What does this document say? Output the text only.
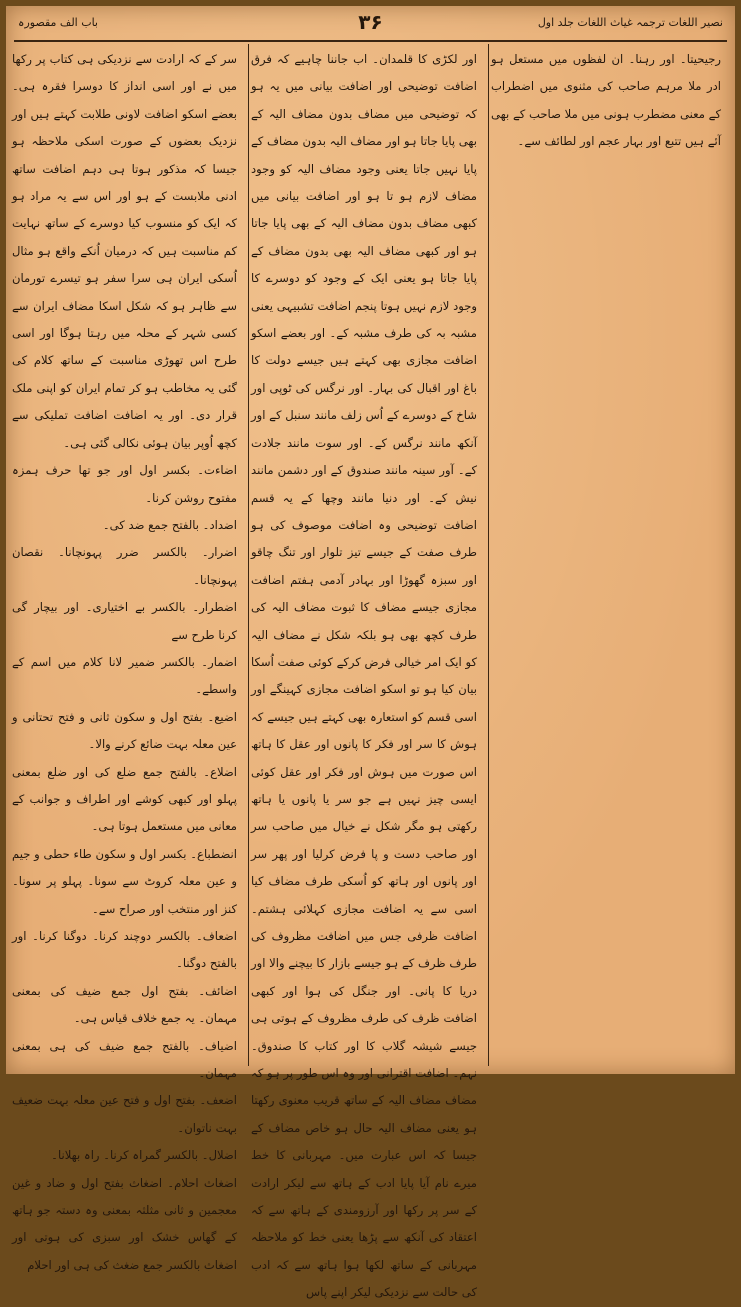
نصیر اللغات ترجمہ غیاث اللغات جلد اول
۳۶
باب الف مقصورہ

رجیحیتا۔ اور رہنا۔ ان لفظوں میں مستعل ہو ادر ملا مرہم صاحب کی مثنوی میں اضطراب کے معنی مضطرب ہونی میں ملا صاحب کے بھی آئے ہیں تتبع اور بہار عجم اور لطائف سے۔

اور لکڑی کا قلمدان۔ اب جاننا چاہیے کہ فرق اضافت توضیحی اور اضافت بیانی میں یہ ہو کہ توضیحی میں مضاف بدون مضاف الیہ کے بھی پایا جاتا ہو اور مضاف الیہ بدون مضاف کے پایا نہیں جاتا یعنی وجود مضاف الیہ کو وجود مضاف لازم ہو تا ہو اور اضافت بیانی میں کبھی مضاف بدون مضاف الیہ کے بھی پایا جاتا ہو اور کبھی مضاف الیہ بھی بدون مضاف کے پایا جاتا ہو یعنی ایک کے وجود کو دوسرے کا وجود لازم نہیں ہوتا پنجم اضافت تشبیہی یعنی مشبہ بہ کی طرف مشبہ کے۔ اور بعضے اسکو اضافت مجازی بھی کہتے ہیں جیسے دولت کا باغ اور اقبال کی بہار۔ اور نرگس کی ٹوپی اور شاخ کے دوسرے کے اُس زلف مانند سنبل کے اور آنکھ مانند نرگس کے۔ اور سوت مانند جلادت کے۔ آور سینہ مانند صندوق کے اور دشمن مانند نیش کے۔ اور دنیا مانند وچھا کے یہ قسم اضافت توضیحی وہ اضافت موصوف کی ہو طرف صفت کے جیسے تیز تلوار اور تنگ چاقو اور سبزہ گھوڑا اور بہادر آدمی ہفتم اضافت مجازی جیسے مضاف کا ثبوت مضاف الیہ کی طرف کچھ بھی ہو بلکہ شکل نے مضاف الیہ کو ایک امر خیالی فرض کرکے کوئی صفت اُسکا بیان کیا ہو تو اسکو اضافت مجازی کہینگے اور اسی قسم کو استعارہ بھی کہتے ہیں جیسے کہ ہوش کا سر اور فکر کا پانوں اور عقل کا ہاتھ اس صورت میں ہوش اور فکر اور عقل کوئی ایسی چیز نہیں ہے جو سر یا پانوں یا ہاتھ رکھتی ہو مگر شکل نے خیال میں صاحب سر اور صاحب دست و پا فرض کرلیا اور پھر سر اور پانوں اور ہاتھ کو اُسکی طرف مضاف کیا اسی سے یہ اضافت مجازی کہلائی ہشتم۔ اضافت ظرفی جس میں اضافت مظروف کی طرف ظرف کے ہو جیسے بازار کا بیچنے والا اور دریا کا پانی۔ اور جنگل کی ہوا اور کبھی اضافت ظرف کی طرف مظروف کے ہوتی ہی جیسے شیشہ گلاب کا اور کتاب کا صندوق۔ نہم۔ اضافت اقترانی اور وہ اس طور پر ہو کہ مضاف مضاف الیہ کے ساتھ قریب معنوی رکھتا ہو یعنی مضاف الیہ حال ہو خاص مضاف کے جیسا کہ اس عبارت میں۔ مہربانی کا خط میرے نام آیا پایا ادب کے ہاتھ سے لیکر ارادت کے سر پر رکھا اور آرزومندی کے ہاتھ سے کہ اعتقاد کی آنکھ سے پڑھا یعنی خط کو ملاحظہ مہربانی کے ساتھ لکھا ہوا ہاتھ سے کہ ادب کی حالت سے نزدیکی لیکر اپنے پاس

سر کے کہ ارادت سے نزدیکی ہی کتاب پر رکھا میں نے اور اسی انداز کا دوسرا فقرہ ہی۔ بعضے اسکو اضافت لاونی طلابت کہتے ہیں اور نزدیک بعضوں کے صورت اسکی ملاحظہ ہو جیسا کہ مذکور ہوتا ہی دہم اضافت ساتھ ادنی ملابست کے ہو اور اس سے یہ مراد ہو کہ ایک کو منسوب کیا دوسرے کے ساتھ نہایت کم مناسبت ہیں کہ درمیان اُنکے واقع ہو مثال اُسکی ایران ہی سرا سفر ہو تیسرے تورمان سے ظاہر ہو کہ شکل اسکا مضاف ایران سے کسی شہر کے محلہ میں رہتا ہوگا اور اسی طرح اس تھوڑی مناسبت کے ساتھ کلام کی گئی یہ مخاطب ہو کر تمام ایران کو اپنی ملک قرار دی۔ اور یہ اضافت اضافت تملیکی سے کچھ اُوپر بیان ہوئی نکالی گئی ہی۔

اضاءت۔ بکسر اول اور جو تھا حرف ہمزہ مفتوح روشن کرنا۔

اضداد۔ بالفتح جمع ضد کی۔

اضرار۔ بالکسر ضرر پہونچانا۔ نقصان پہونچانا۔

اضطرار۔ بالکسر بے اختیاری۔ اور بیچار گی کرنا طرح سے

اضمار۔ بالکسر ضمیر لانا کلام میں اسم کے واسطے۔

اضیع۔ بفتح اول و سکون ثانی و فتح تحتانی و عین معلہ بہت ضائع کرنے والا۔

اضلاع۔ بالفتح جمع ضلع کی اور ضلع بمعنی پہلو اور کبھی کوشے اور اطراف و جوانب کے معانی میں مستعمل ہوتا ہی۔

انضطباع۔ بکسر اول و سکون طاء حطی و جیم و عین معلہ کروٹ سے سونا۔ پہلو پر سونا۔ کنز اور منتخب اور صراح سے۔

اضعاف۔ بالکسر دوچند کرنا۔ دوگنا کرنا۔ اور بالفتح دوگنا۔

اضائف۔ بفتح اول جمع ضیف کی بمعنی مہمان۔ یہ جمع خلاف قیاس ہی۔

اضیاف۔ بالفتح جمع ضیف کی ہی بمعنی مہمان۔

اضعف۔ بفتح اول و فتح عین معلہ بہت ضعیف بہت ناتوان۔

اضلال۔ بالکسر گمراہ کرنا۔ راہ بھلانا۔

اضغاث احلام۔ اضغاث بفتح اول و ضاد و غین معجمین و ثانی مثلثہ بمعنی وہ دستہ جو ہاتھ کے گھاس خشک اور سبزی کی ہوتی اور اضغاث بالکسر جمع ضغث کی ہی اور احلام
